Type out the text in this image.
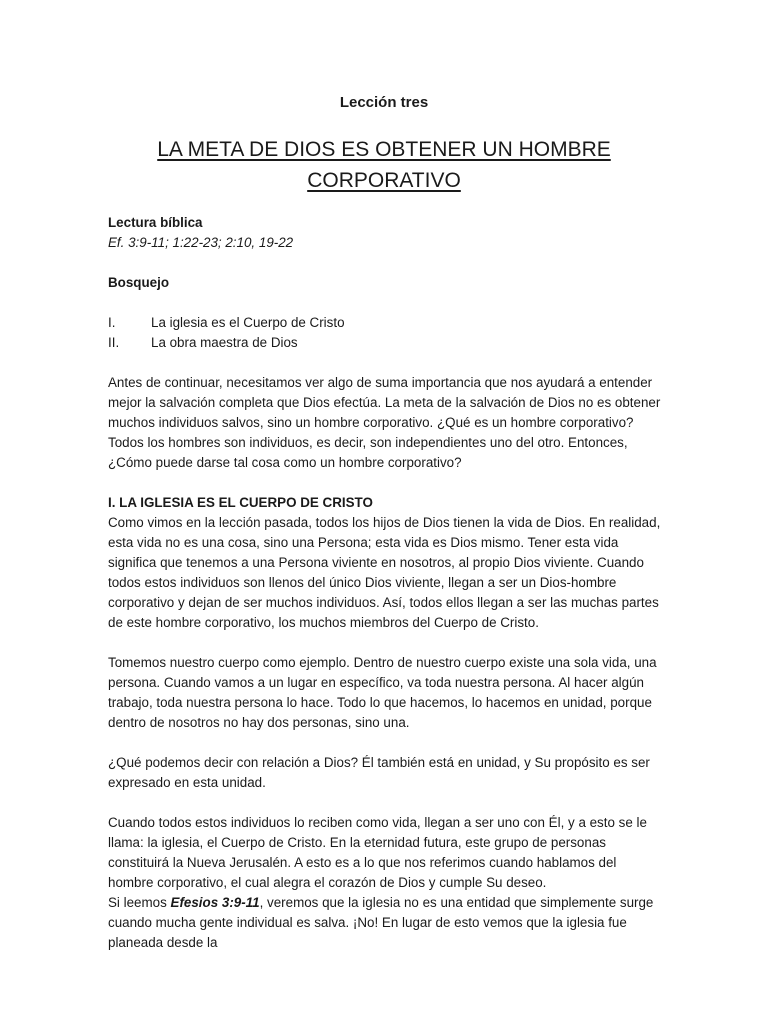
Lección tres
LA META DE DIOS ES OBTENER UN HOMBRE
CORPORATIVO
Lectura bíblica
Ef. 3:9-11; 1:22-23; 2:10, 19-22
Bosquejo
I.	La iglesia es el Cuerpo de Cristo
II.	La obra maestra de Dios

Antes de continuar, necesitamos ver algo de suma importancia que nos ayudará a entender mejor la salvación completa que Dios efectúa. La meta de la salvación de Dios no es obtener muchos individuos salvos, sino un hombre corporativo. ¿Qué es un hombre corporativo? Todos los hombres son individuos, es decir, son independientes uno del otro. Entonces, ¿Cómo puede darse tal cosa como un hombre corporativo?

I. LA IGLESIA ES EL CUERPO DE CRISTO

Como vimos en la lección pasada, todos los hijos de Dios tienen la vida de Dios. En realidad, esta vida no es una cosa, sino una Persona; esta vida es Dios mismo. Tener esta vida significa que tenemos a una Persona viviente en nosotros, al propio Dios viviente. Cuando todos estos individuos son llenos del único Dios viviente, llegan a ser un Dios-hombre corporativo y dejan de ser muchos individuos. Así, todos ellos llegan a ser las muchas partes de este hombre corporativo, los muchos miembros del Cuerpo de Cristo.

Tomemos nuestro cuerpo como ejemplo. Dentro de nuestro cuerpo existe una sola vida, una persona. Cuando vamos a un lugar en específico, va toda nuestra persona. Al hacer algún trabajo, toda nuestra persona lo hace. Todo lo que hacemos, lo hacemos en unidad, porque dentro de nosotros no hay dos personas, sino una.

¿Qué podemos decir con relación a Dios? Él también está en unidad, y Su propósito es ser expresado en esta unidad.

Cuando todos estos individuos lo reciben como vida, llegan a ser uno con Él, y a esto se le llama: la iglesia, el Cuerpo de Cristo. En la eternidad futura, este grupo de personas constituirá la Nueva Jerusalén. A esto es a lo que nos referimos cuando hablamos del hombre corporativo, el cual alegra el corazón de Dios y cumple Su deseo.

Si leemos Efesios 3:9-11, veremos que la iglesia no es una entidad que simplemente surge cuando mucha gente individual es salva. ¡No! En lugar de esto vemos que la iglesia fue planeada desde la
